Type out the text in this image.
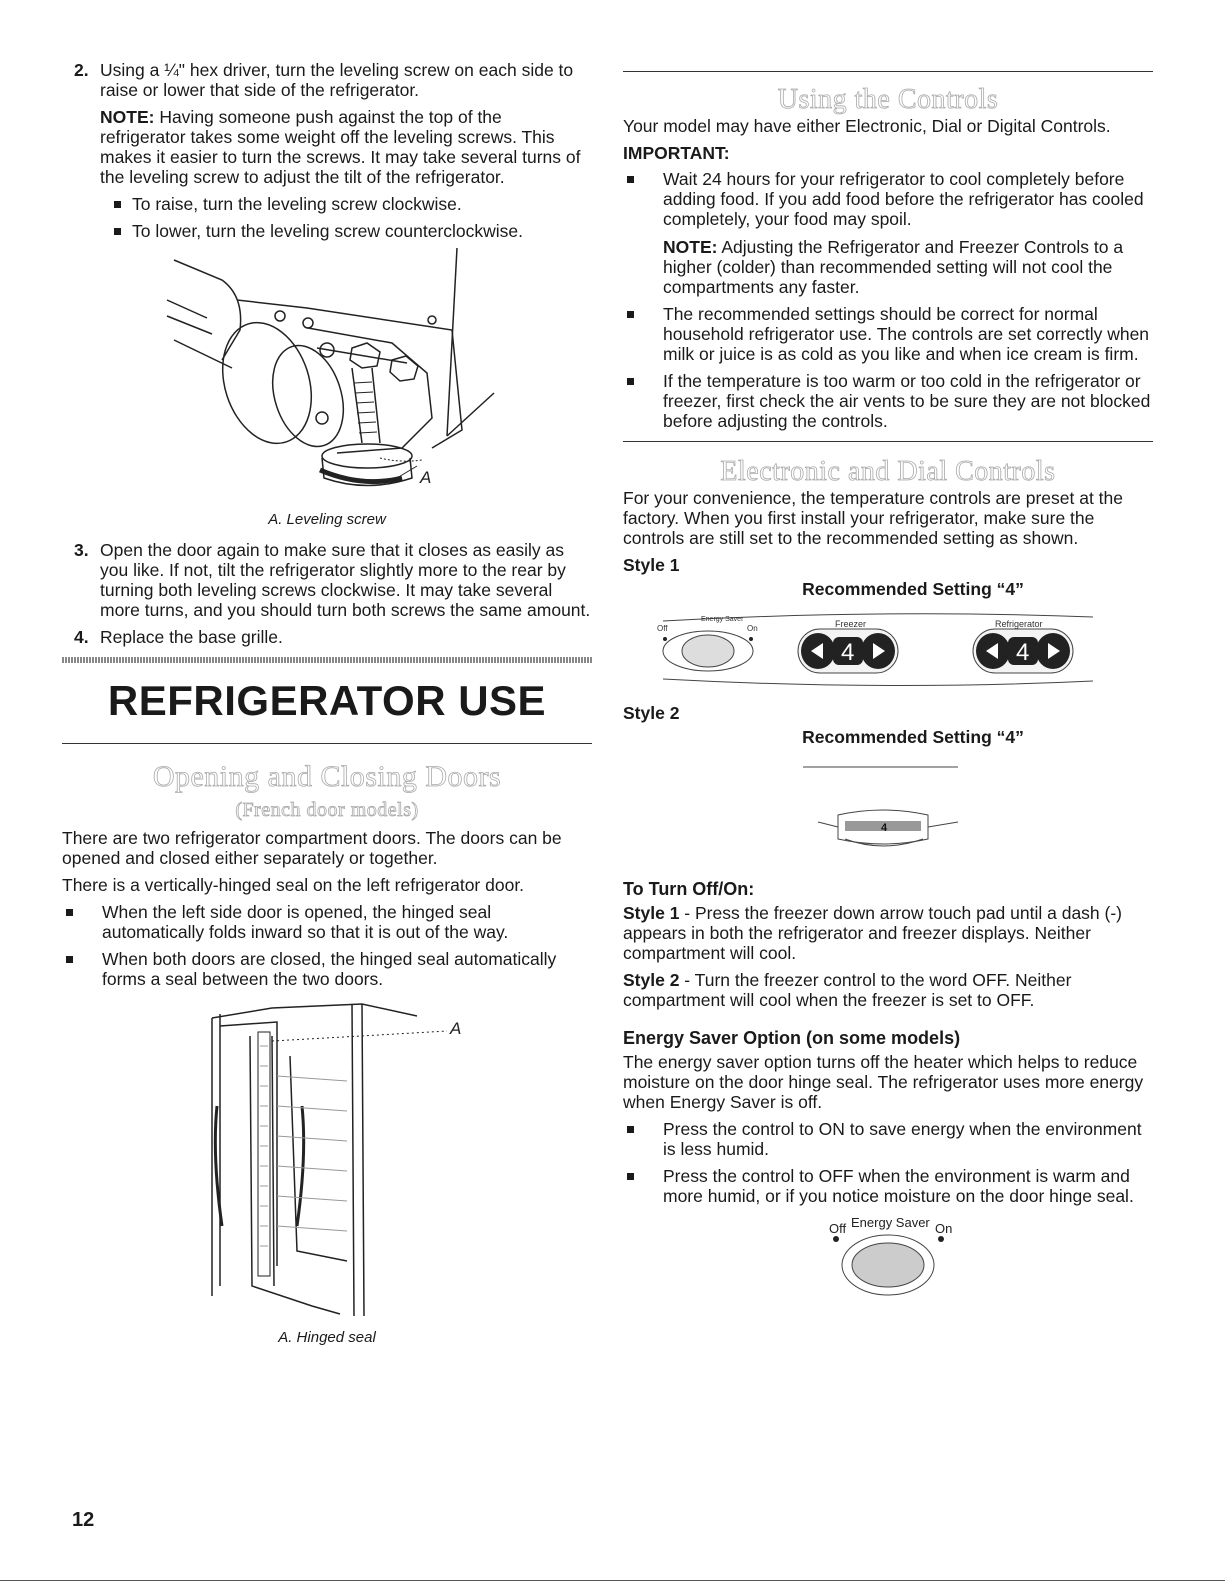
2. Using a ¼" hex driver, turn the leveling screw on each side to raise or lower that side of the refrigerator.

NOTE: Having someone push against the top of the refrigerator takes some weight off the leveling screws. This makes it easier to turn the screws. It may take several turns of the leveling screw to adjust the tilt of the refrigerator.

To raise, turn the leveling screw clockwise.
To lower, turn the leveling screw counterclockwise.
A
A. Leveling screw
3. Open the door again to make sure that it closes as easily as you like. If not, tilt the refrigerator slightly more to the rear by turning both leveling screws clockwise. It may take several more turns, and you should turn both screws the same amount.
4. Replace the base grille.
REFRIGERATOR USE
Opening and Closing Doors
(French door models)

There are two refrigerator compartment doors. The doors can be opened and closed either separately or together.

There is a vertically-hinged seal on the left refrigerator door.

When the left side door is opened, the hinged seal automatically folds inward so that it is out of the way.
When both doors are closed, the hinged seal automatically forms a seal between the two doors.
A
A. Hinged seal
Using the Controls

Your model may have either Electronic, Dial or Digital Controls.

IMPORTANT:

Wait 24 hours for your refrigerator to cool completely before adding food. If you add food before the refrigerator has cooled completely, your food may spoil.

NOTE: Adjusting the Refrigerator and Freezer Controls to a higher (colder) than recommended setting will not cool the compartments any faster.

The recommended settings should be correct for normal household refrigerator use. The controls are set correctly when milk or juice is as cold as you like and when ice cream is firm.
If the temperature is too warm or too cold in the refrigerator or freezer, first check the air vents to be sure they are not blocked before adjusting the controls.
Electronic and Dial Controls

For your convenience, the temperature controls are preset at the factory. When you first install your refrigerator, make sure the controls are still set to the recommended setting as shown.

Style 1

Recommended Setting “4”
Energy Saver
Off	On	Freezer	Refrigerator
4	4

Style 2

Recommended Setting “4”
4
To Turn Off/On:

Style 1 - Press the freezer down arrow touch pad until a dash (-) appears in both the refrigerator and freezer displays. Neither compartment will cool.

Style 2 - Turn the freezer control to the word OFF. Neither compartment will cool when the freezer is set to OFF.

Energy Saver Option (on some models)

The energy saver option turns off the heater which helps to reduce moisture on the door hinge seal. The refrigerator uses more energy when Energy Saver is off.

Press the control to ON to save energy when the environment is less humid.
Press the control to OFF when the environment is warm and more humid, or if you notice moisture on the door hinge seal.
Energy Saver
Off	On
12
